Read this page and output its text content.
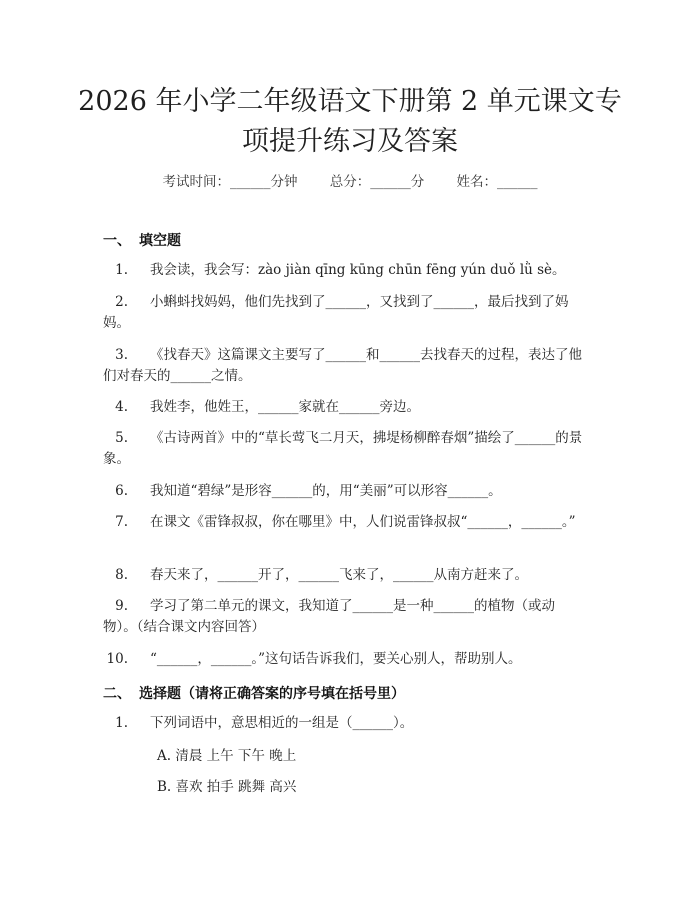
2026 年小学二年级语文下册第 2 单元课文专
项提升练习及答案
考试时间：______分钟 总分：______分 姓名：______
一、 填空题
1. 我会读，我会写：zào jiàn qīng kūng chūn fēng yún duǒ lǜ sè。
2. 小蝌蚪找妈妈，他们先找到了______，又找到了______，最后找到了妈妈。
3. 《找春天》这篇课文主要写了______和______去找春天的过程，表达了他们对春天的______之情。
4. 我姓李，他姓王，______家就在______旁边。
5. 《古诗两首》中的“草长莺飞二月天，拂堤杨柳醉春烟”描绘了______的景象。
6. 我知道“碧绿”是形容______的，用“美丽”可以形容______。
7. 在课文《雷锋叔叔，你在哪里》中，人们说雷锋叔叔“______，______。”
8. 春天来了，______开了，______飞来了，______从南方赶来了。
9. 学习了第二单元的课文，我知道了______是一种______的植物（或动物）。（结合课文内容回答）
10. “______，______。”这句话告诉我们，要关心别人，帮助别人。
二、 选择题（请将正确答案的序号填在括号里）
1. 下列词语中，意思相近的一组是（______）。
A. 清晨 上午 下午 晚上
B. 喜欢 拍手 跳舞 高兴
